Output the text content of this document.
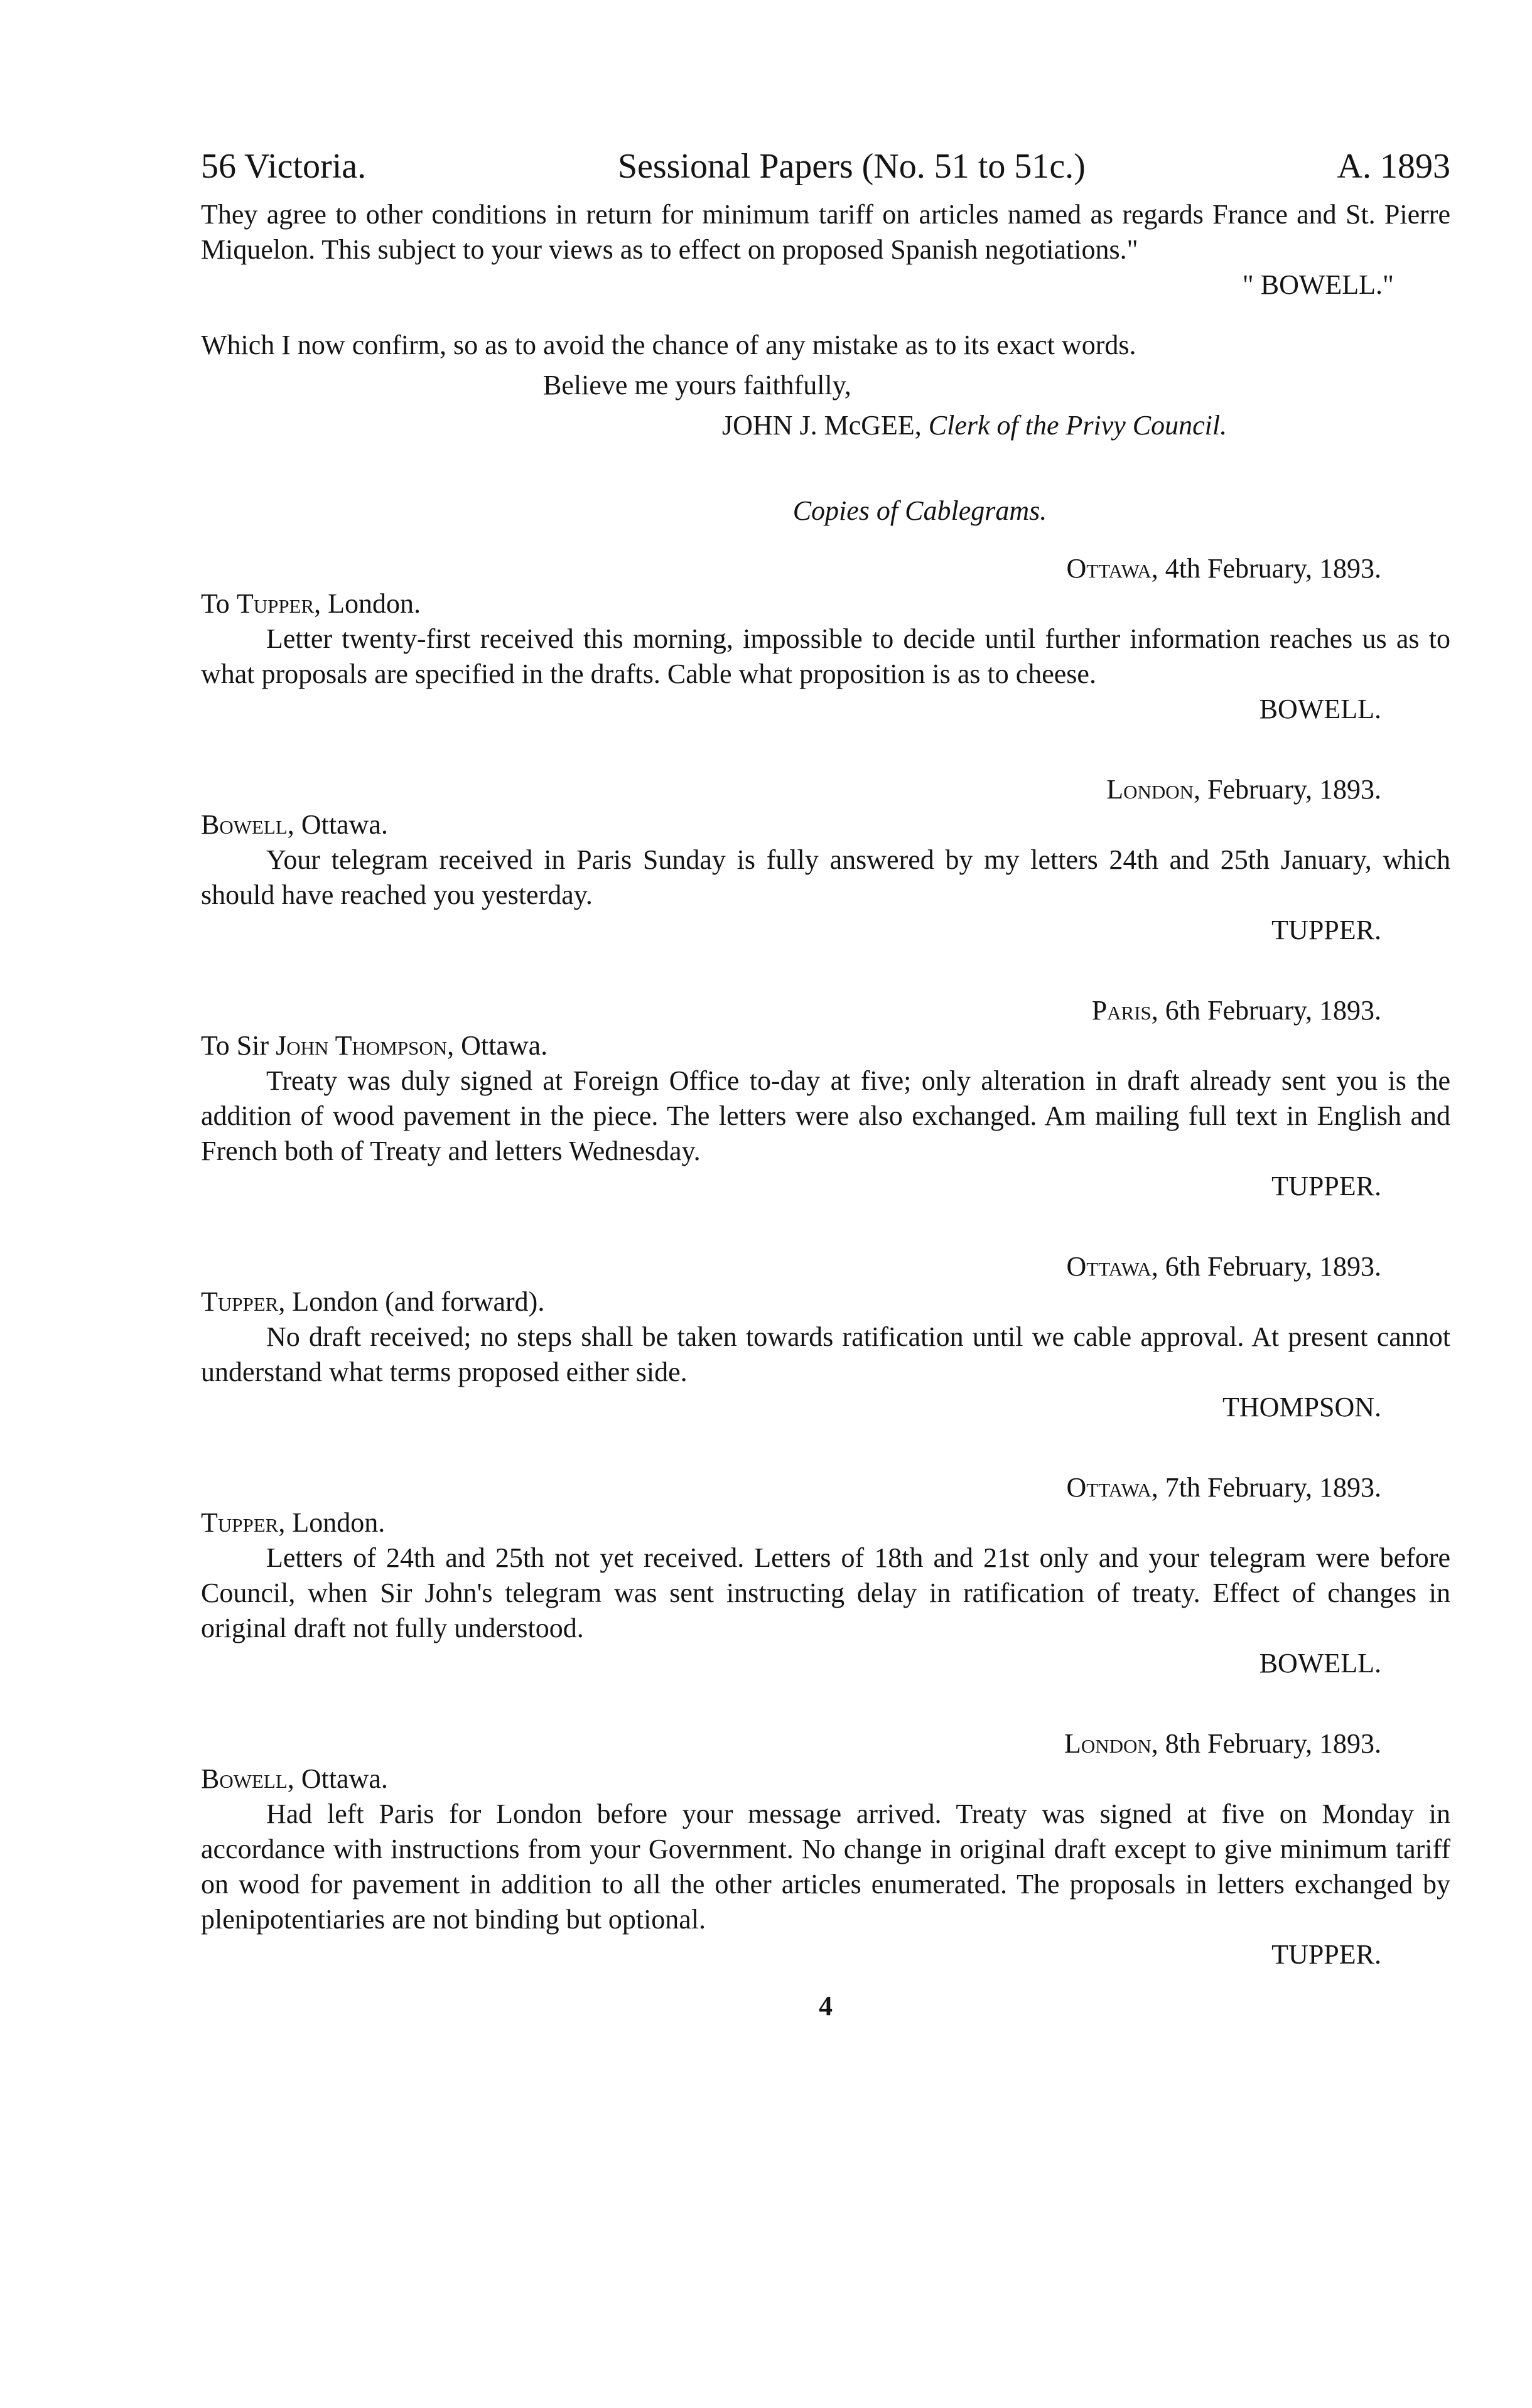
56 Victoria.	Sessional Papers (No. 51 to 51c.)	A. 1893

They agree to other conditions in return for minimum tariff on articles named as regards France and St. Pierre Miquelon. This subject to your views as to effect on proposed Spanish negotiations."

" BOWELL."

Which I now confirm, so as to avoid the chance of any mistake as to its exact words.

Believe me yours faithfully,

JOHN J. McGEE, Clerk of the Privy Council.

Copies of Cablegrams.

Ottawa, 4th February, 1893.

To Tupper, London.

Letter twenty-first received this morning, impossible to decide until further information reaches us as to what proposals are specified in the drafts. Cable what proposition is as to cheese.

BOWELL.

London, February, 1893.

Bowell, Ottawa.

Your telegram received in Paris Sunday is fully answered by my letters 24th and 25th January, which should have reached you yesterday.

TUPPER.

Paris, 6th February, 1893.

To Sir John Thompson, Ottawa.

Treaty was duly signed at Foreign Office to-day at five; only alteration in draft already sent you is the addition of wood pavement in the piece. The letters were also exchanged. Am mailing full text in English and French both of Treaty and letters Wednesday.

TUPPER.

Ottawa, 6th February, 1893.

Tupper, London (and forward).

No draft received; no steps shall be taken towards ratification until we cable approval. At present cannot understand what terms proposed either side.

THOMPSON.

Ottawa, 7th February, 1893.

Tupper, London.

Letters of 24th and 25th not yet received. Letters of 18th and 21st only and your telegram were before Council, when Sir John's telegram was sent instructing delay in ratification of treaty. Effect of changes in original draft not fully understood.

BOWELL.

London, 8th February, 1893.

Bowell, Ottawa.

Had left Paris for London before your message arrived. Treaty was signed at five on Monday in accordance with instructions from your Government. No change in original draft except to give minimum tariff on wood for pavement in addition to all the other articles enumerated. The proposals in letters exchanged by plenipotentiaries are not binding but optional.

TUPPER.

4
